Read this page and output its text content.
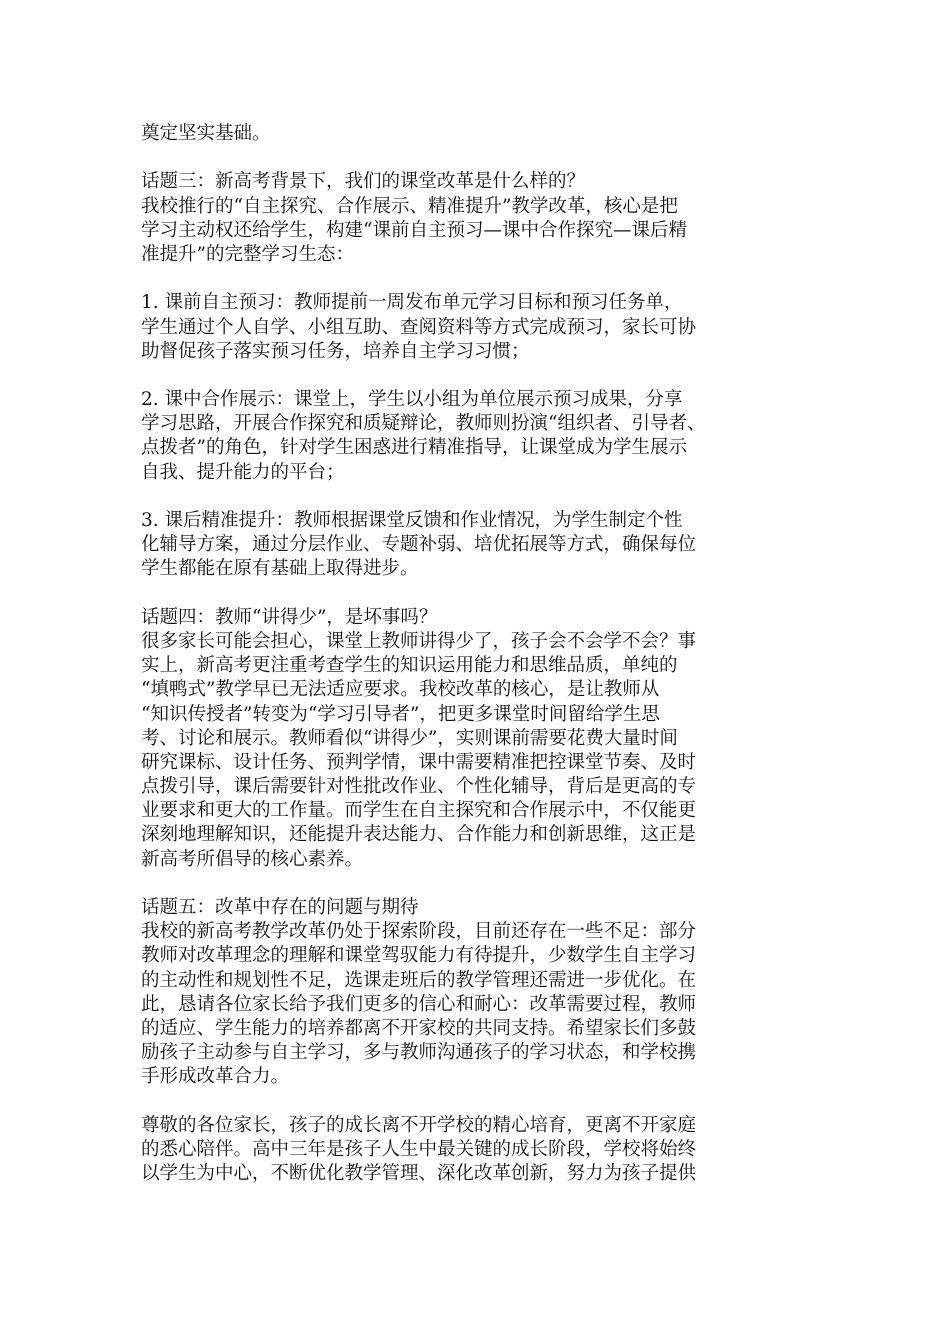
奠定坚实基础。
话题三：新高考背景下，我们的课堂改革是什么样的？
我校推行的“自主探究、合作展示、精准提升”教学改革，核心是把
学习主动权还给学生，构建“课前自主预习—课中合作探究—课后精
准提升”的完整学习生态：
1. 课前自主预习：教师提前一周发布单元学习目标和预习任务单，
学生通过个人自学、小组互助、查阅资料等方式完成预习，家长可协
助督促孩子落实预习任务，培养自主学习习惯；
2. 课中合作展示：课堂上，学生以小组为单位展示预习成果，分享
学习思路，开展合作探究和质疑辩论，教师则扮演“组织者、引导者、
点拨者”的角色，针对学生困惑进行精准指导，让课堂成为学生展示
自我、提升能力的平台；
3. 课后精准提升：教师根据课堂反馈和作业情况，为学生制定个性
化辅导方案，通过分层作业、专题补弱、培优拓展等方式，确保每位
学生都能在原有基础上取得进步。
话题四：教师“讲得少”，是坏事吗？
很多家长可能会担心，课堂上教师讲得少了，孩子会不会学不会？事
实上，新高考更注重考查学生的知识运用能力和思维品质，单纯的
“填鸭式”教学早已无法适应要求。我校改革的核心，是让教师从
“知识传授者”转变为“学习引导者”，把更多课堂时间留给学生思
考、讨论和展示。教师看似“讲得少”，实则课前需要花费大量时间
研究课标、设计任务、预判学情，课中需要精准把控课堂节奏、及时
点拨引导，课后需要针对性批改作业、个性化辅导，背后是更高的专
业要求和更大的工作量。而学生在自主探究和合作展示中，不仅能更
深刻地理解知识，还能提升表达能力、合作能力和创新思维，这正是
新高考所倡导的核心素养。
话题五：改革中存在的问题与期待
我校的新高考教学改革仍处于探索阶段，目前还存在一些不足：部分
教师对改革理念的理解和课堂驾驭能力有待提升，少数学生自主学习
的主动性和规划性不足，选课走班后的教学管理还需进一步优化。在
此，恳请各位家长给予我们更多的信心和耐心：改革需要过程，教师
的适应、学生能力的培养都离不开家校的共同支持。希望家长们多鼓
励孩子主动参与自主学习，多与教师沟通孩子的学习状态，和学校携
手形成改革合力。
尊敬的各位家长，孩子的成长离不开学校的精心培育，更离不开家庭
的悉心陪伴。高中三年是孩子人生中最关键的成长阶段，学校将始终
以学生为中心，不断优化教学管理、深化改革创新，努力为孩子提供
